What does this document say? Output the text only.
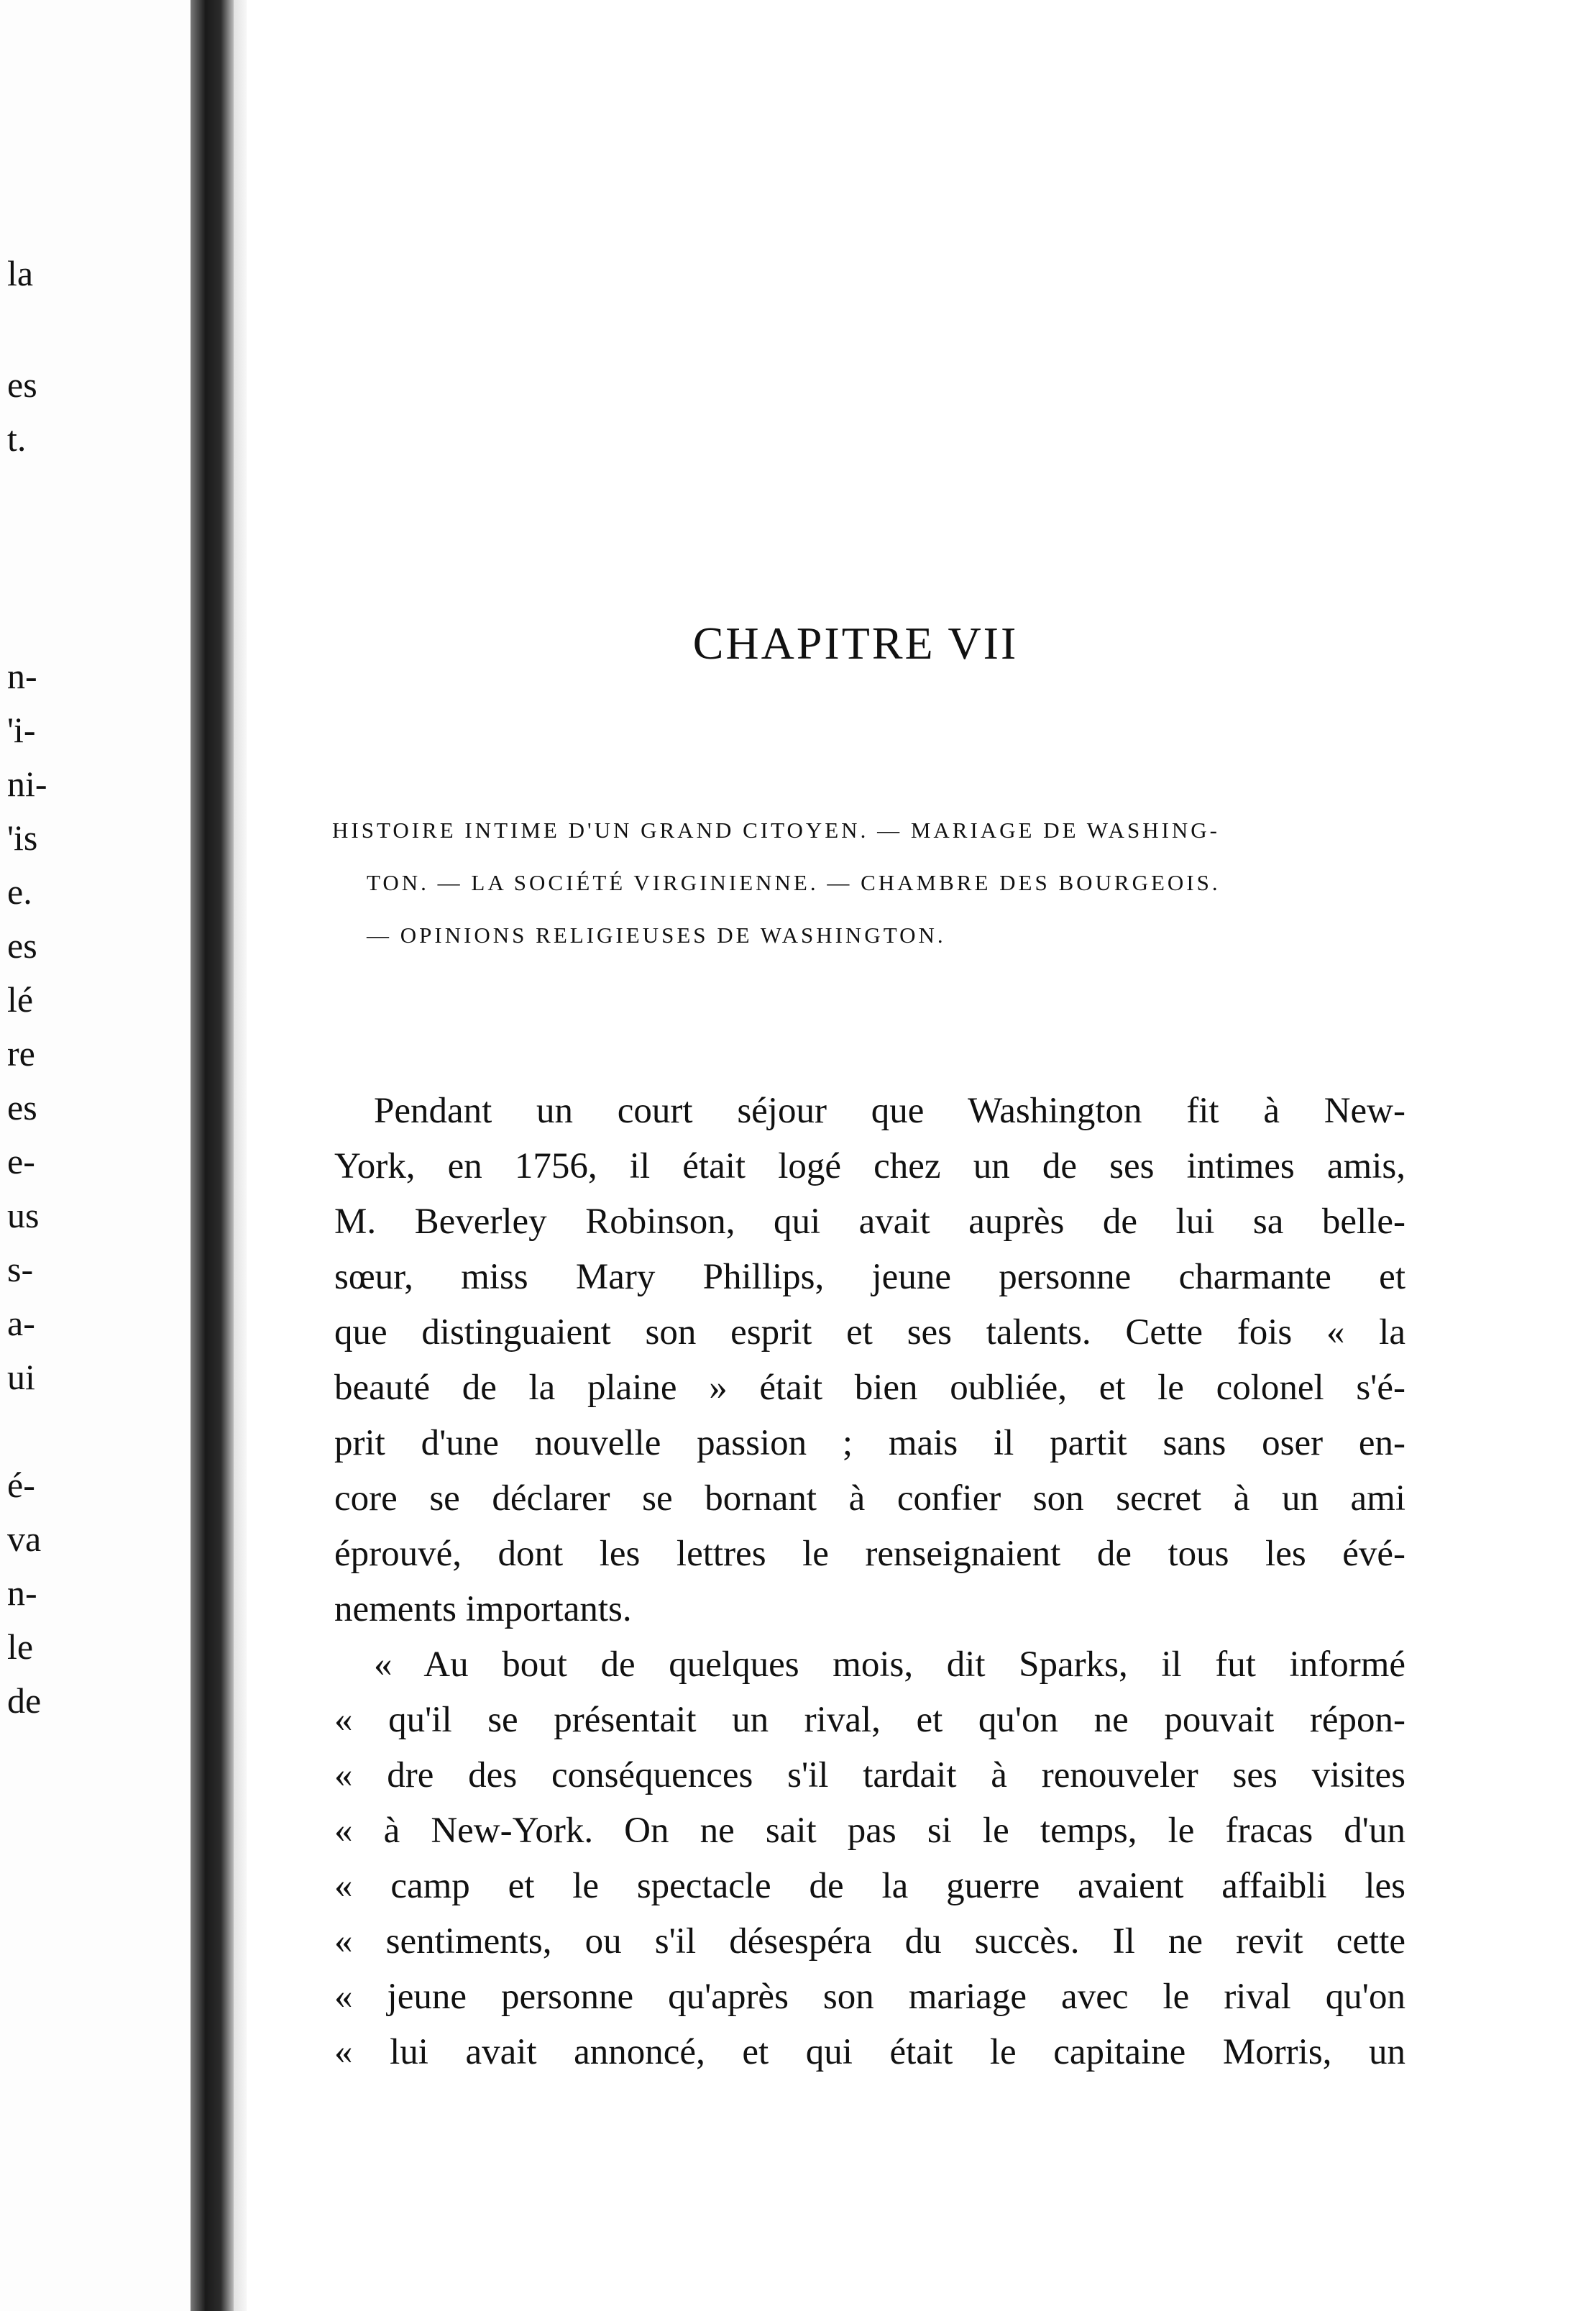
la
es
t.
n-
'i-
ni-
'is
e.
es
lé
re
es
e-
us
s-
a-
ui
é-
va
n-
le
de
CHAPITRE VII
HISTOIRE INTIME D'UN GRAND CITOYEN. — MARIAGE DE WASHING-
TON. — LA SOCIÉTÉ VIRGINIENNE. — CHAMBRE DES BOURGEOIS.
— OPINIONS RELIGIEUSES DE WASHINGTON.
Pendant un court séjour que Washington fit à New-
York, en 1756, il était logé chez un de ses intimes amis,
M. Beverley Robinson, qui avait auprès de lui sa belle-
sœur, miss Mary Phillips, jeune personne charmante et
que distinguaient son esprit et ses talents. Cette fois « la
beauté de la plaine » était bien oubliée, et le colonel s'é-
prit d'une nouvelle passion ; mais il partit sans oser en-
core se déclarer se bornant à confier son secret à un ami
éprouvé, dont les lettres le renseignaient de tous les évé-
nements importants.
« Au bout de quelques mois, dit Sparks, il fut informé
« qu'il se présentait un rival, et qu'on ne pouvait répon-
« dre des conséquences s'il tardait à renouveler ses visites
« à New-York. On ne sait pas si le temps, le fracas d'un
« camp et le spectacle de la guerre avaient affaibli les
« sentiments, ou s'il désespéra du succès. Il ne revit cette
« jeune personne qu'après son mariage avec le rival qu'on
« lui avait annoncé, et qui était le capitaine Morris, un
